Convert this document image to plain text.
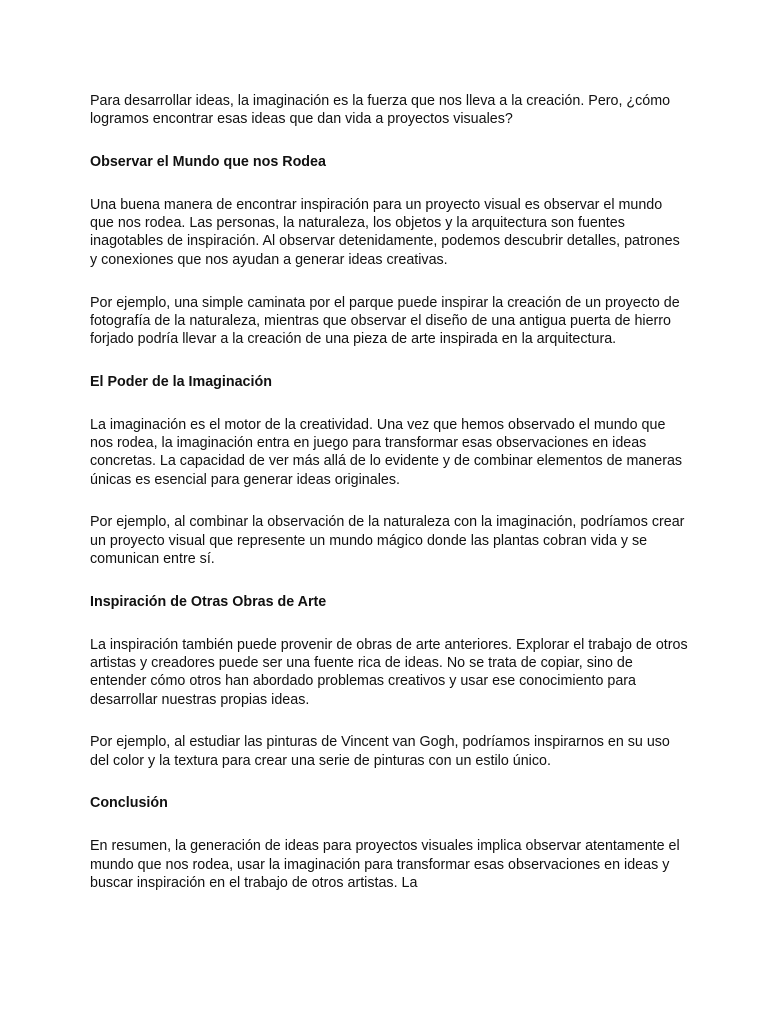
Para desarrollar ideas, la imaginación es la fuerza que nos lleva a la creación. Pero, ¿cómo logramos encontrar esas ideas que dan vida a proyectos visuales?

Observar el Mundo que nos Rodea

Una buena manera de encontrar inspiración para un proyecto visual es observar el mundo que nos rodea. Las personas, la naturaleza, los objetos y la arquitectura son fuentes inagotables de inspiración. Al observar detenidamente, podemos descubrir detalles, patrones y conexiones que nos ayudan a generar ideas creativas.

Por ejemplo, una simple caminata por el parque puede inspirar la creación de un proyecto de fotografía de la naturaleza, mientras que observar el diseño de una antigua puerta de hierro forjado podría llevar a la creación de una pieza de arte inspirada en la arquitectura.

El Poder de la Imaginación

La imaginación es el motor de la creatividad. Una vez que hemos observado el mundo que nos rodea, la imaginación entra en juego para transformar esas observaciones en ideas concretas. La capacidad de ver más allá de lo evidente y de combinar elementos de maneras únicas es esencial para generar ideas originales.

Por ejemplo, al combinar la observación de la naturaleza con la imaginación, podríamos crear un proyecto visual que represente un mundo mágico donde las plantas cobran vida y se comunican entre sí.

Inspiración de Otras Obras de Arte

La inspiración también puede provenir de obras de arte anteriores. Explorar el trabajo de otros artistas y creadores puede ser una fuente rica de ideas. No se trata de copiar, sino de entender cómo otros han abordado problemas creativos y usar ese conocimiento para desarrollar nuestras propias ideas.

Por ejemplo, al estudiar las pinturas de Vincent van Gogh, podríamos inspirarnos en su uso del color y la textura para crear una serie de pinturas con un estilo único.

Conclusión

En resumen, la generación de ideas para proyectos visuales implica observar atentamente el mundo que nos rodea, usar la imaginación para transformar esas observaciones en ideas y buscar inspiración en el trabajo de otros artistas. La
